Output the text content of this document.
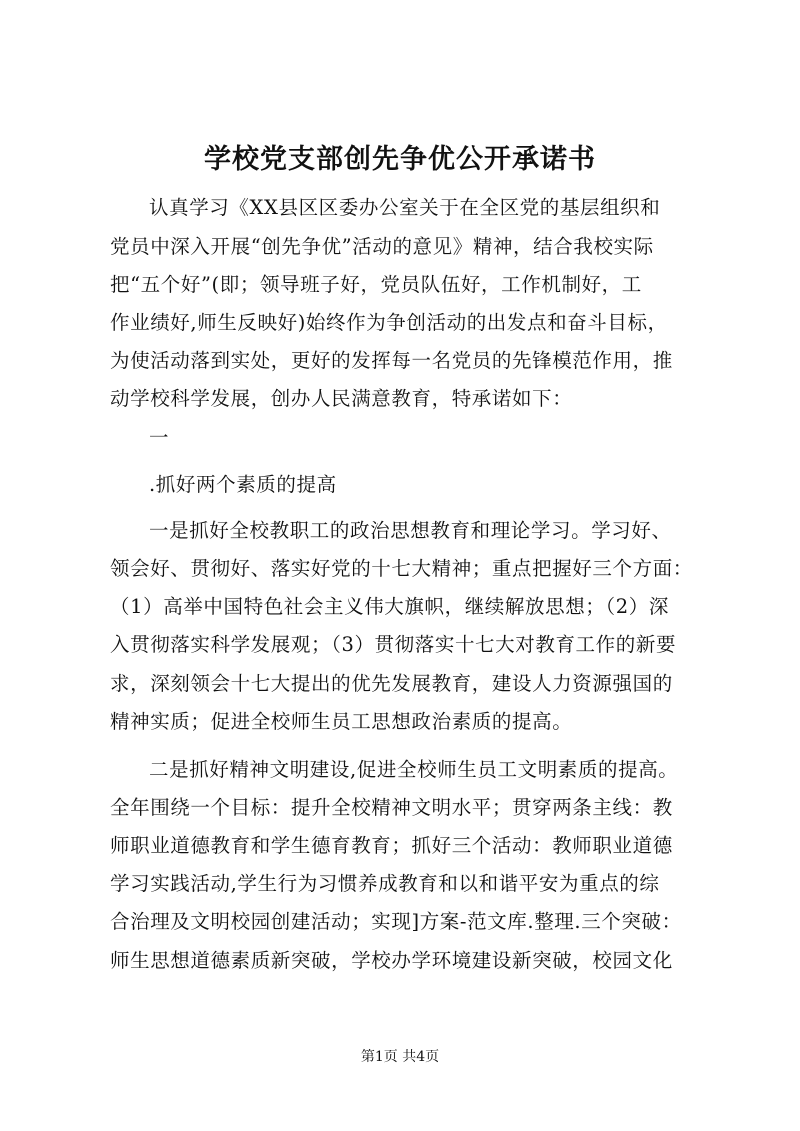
学校党支部创先争优公开承诺书
认真学习《XX县区区委办公室关于在全区党的基层组织和
党员中深入开展“创先争优”活动的意见》精神，结合我校实际
把“五个好”(即；领导班子好，党员队伍好，工作机制好，工
作业绩好,师生反映好)始终作为争创活动的出发点和奋斗目标，
为使活动落到实处，更好的发挥每一名党员的先锋模范作用，推
动学校科学发展，创办人民满意教育，特承诺如下：
一
.抓好两个素质的提高
一是抓好全校教职工的政治思想教育和理论学习。学习好、
领会好、贯彻好、落实好党的十七大精神；重点把握好三个方面：
（1）高举中国特色社会主义伟大旗帜，继续解放思想；（2）深
入贯彻落实科学发展观；（3）贯彻落实十七大对教育工作的新要
求，深刻领会十七大提出的优先发展教育，建设人力资源强国的
精神实质；促进全校师生员工思想政治素质的提高。
二是抓好精神文明建设,促进全校师生员工文明素质的提高。
全年围绕一个目标：提升全校精神文明水平；贯穿两条主线：教
师职业道德教育和学生德育教育；抓好三个活动：教师职业道德
学习实践活动,学生行为习惯养成教育和以和谐平安为重点的综
合治理及文明校园创建活动；实现]方案-范文库.整理.三个突破：
师生思想道德素质新突破，学校办学环境建设新突破，校园文化
第1页 共4页
